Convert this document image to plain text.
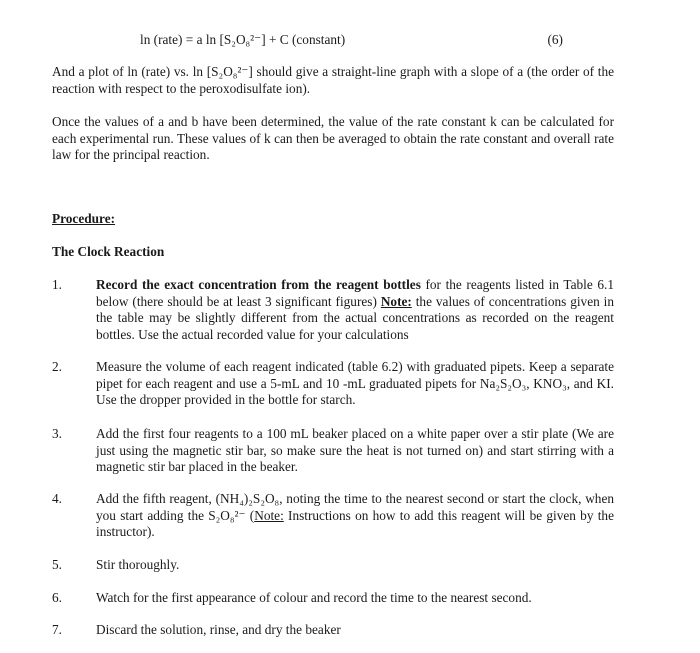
ln (rate) = a ln [S₂O₈²⁻] + C (constant)	(6)
And a plot of ln (rate) vs. ln [S₂O₈²⁻] should give a straight-line graph with a slope of a (the order of the reaction with respect to the peroxodisulfate ion).
Once the values of a and b have been determined, the value of the rate constant k can be calculated for each experimental run. These values of k can then be averaged to obtain the rate constant and overall rate law for the principal reaction.
Procedure:
The Clock Reaction
1.	Record the exact concentration from the reagent bottles for the reagents listed in Table 6.1 below (there should be at least 3 significant figures) Note: the values of concentrations given in the table may be slightly different from the actual concentrations as recorded on the reagent bottles. Use the actual recorded value for your calculations
2.	Measure the volume of each reagent indicated (table 6.2) with graduated pipets. Keep a separate pipet for each reagent and use a 5-mL and 10 -mL graduated pipets for Na₂S₂O₃, KNO₃, and KI. Use the dropper provided in the bottle for starch.
3.	Add the first four reagents to a 100 mL beaker placed on a white paper over a stir plate (We are just using the magnetic stir bar, so make sure the heat is not turned on) and start stirring with a magnetic stir bar placed in the beaker.
4.	Add the fifth reagent, (NH₄)₂S₂O₈, noting the time to the nearest second or start the clock, when you start adding the S₂O₈²⁻ (Note: Instructions on how to add this reagent will be given by the instructor).
5.	Stir thoroughly.
6.	Watch for the first appearance of colour and record the time to the nearest second.
7.	Discard the solution, rinse, and dry the beaker
